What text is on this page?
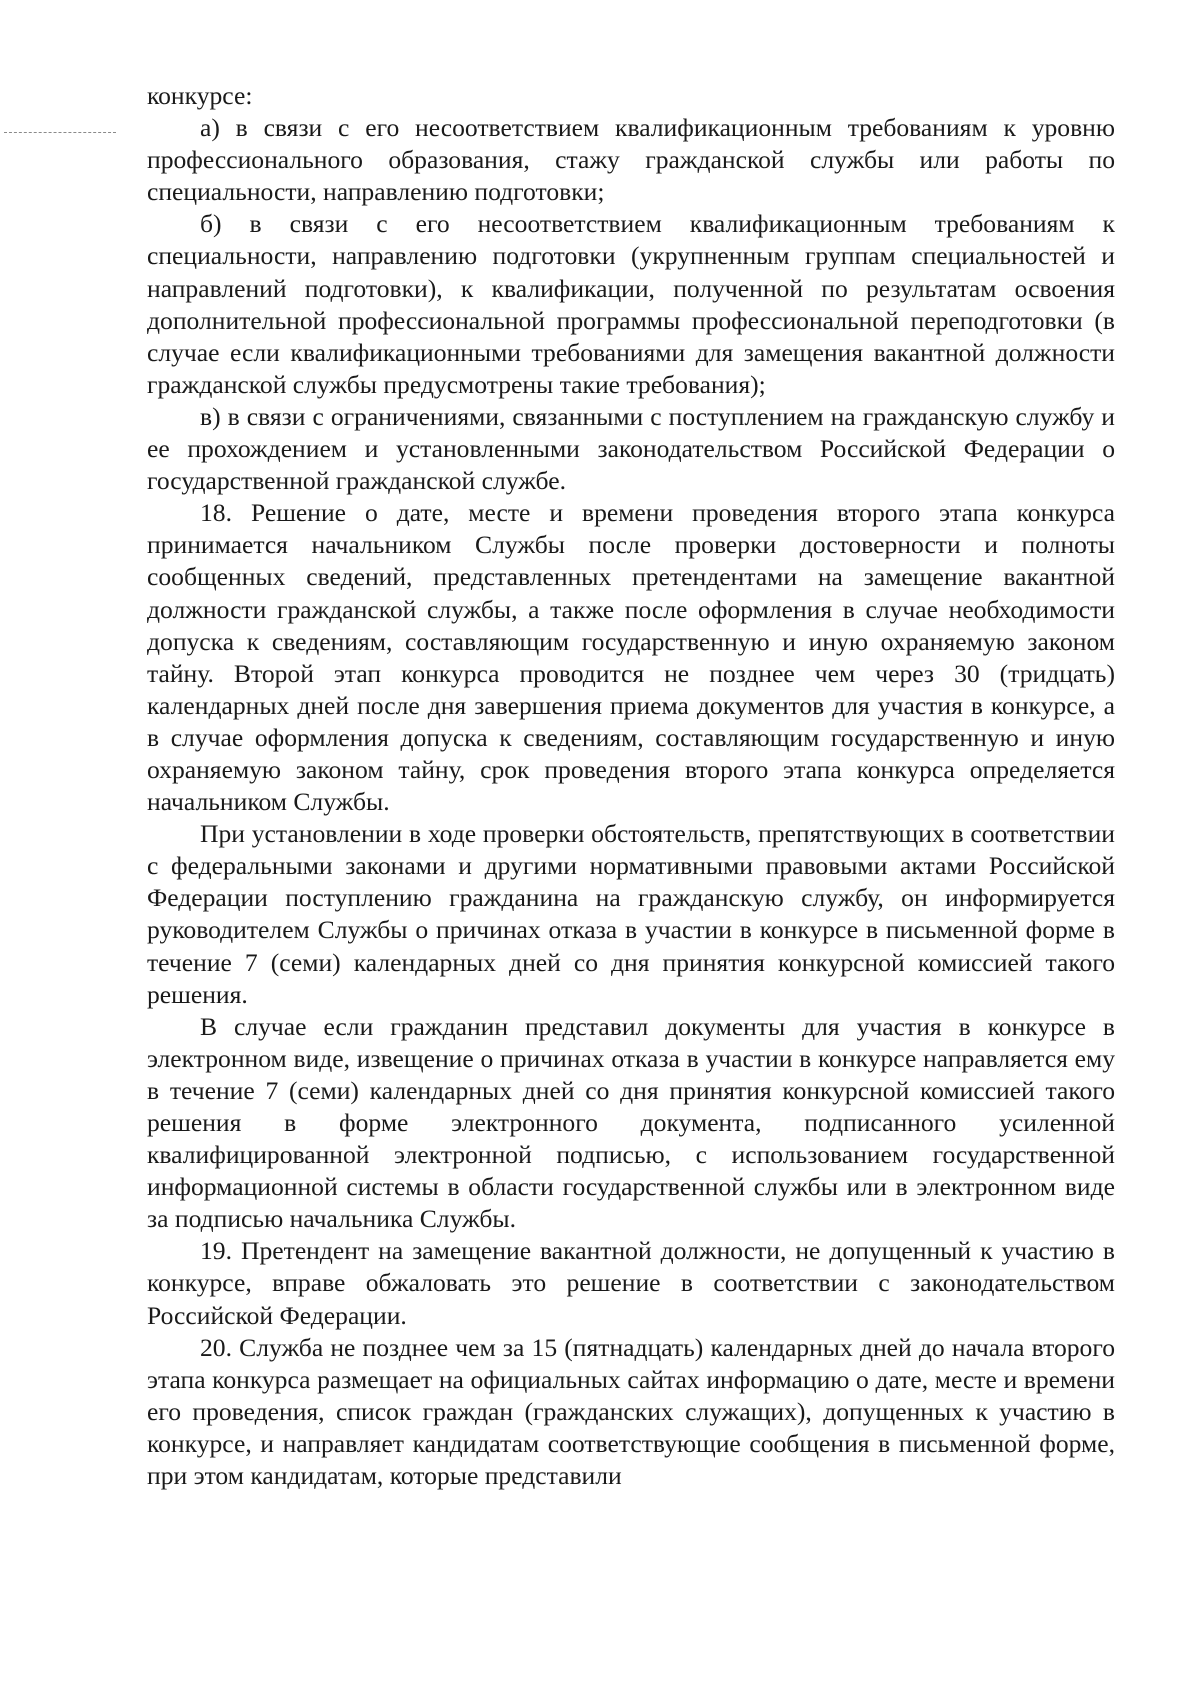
конкурсе:

а) в связи с его несоответствием квалификационным требованиям к уровню профессионального образования, стажу гражданской службы или работы по специальности, направлению подготовки;

б) в связи с его несоответствием квалификационным требованиям к специальности, направлению подготовки (укрупненным группам специальностей и направлений подготовки), к квалификации, полученной по результатам освоения дополнительной профессиональной программы профессиональной переподготовки (в случае если квалификационными требованиями для замещения вакантной должности гражданской службы предусмотрены такие требования);

в) в связи с ограничениями, связанными с поступлением на гражданскую службу и ее прохождением и установленными законодательством Российской Федерации о государственной гражданской службе.

18. Решение о дате, месте и времени проведения второго этапа конкурса принимается начальником Службы после проверки достоверности и полноты сообщенных сведений, представленных претендентами на замещение вакантной должности гражданской службы, а также после оформления в случае необходимости допуска к сведениям, составляющим государственную и иную охраняемую законом тайну. Второй этап конкурса проводится не позднее чем через 30 (тридцать) календарных дней после дня завершения приема документов для участия в конкурсе, а в случае оформления допуска к сведениям, составляющим государственную и иную охраняемую законом тайну, срок проведения второго этапа конкурса определяется начальником Службы.

При установлении в ходе проверки обстоятельств, препятствующих в соответствии с федеральными законами и другими нормативными правовыми актами Российской Федерации поступлению гражданина на гражданскую службу, он информируется руководителем Службы о причинах отказа в участии в конкурсе в письменной форме в течение 7 (семи) календарных дней со дня принятия конкурсной комиссией такого решения.

В случае если гражданин представил документы для участия в конкурсе в электронном виде, извещение о причинах отказа в участии в конкурсе направляется ему в течение 7 (семи) календарных дней со дня принятия конкурсной комиссией такого решения в форме электронного документа, подписанного усиленной квалифицированной электронной подписью, с использованием государственной информационной системы в области государственной службы или в электронном виде за подписью начальника Службы.

19. Претендент на замещение вакантной должности, не допущенный к участию в конкурсе, вправе обжаловать это решение в соответствии с законодательством Российской Федерации.

20. Служба не позднее чем за 15 (пятнадцать) календарных дней до начала второго этапа конкурса размещает на официальных сайтах информацию о дате, месте и времени его проведения, список граждан (гражданских служащих), допущенных к участию в конкурсе, и направляет кандидатам соответствующие сообщения в письменной форме, при этом кандидатам, которые представили
